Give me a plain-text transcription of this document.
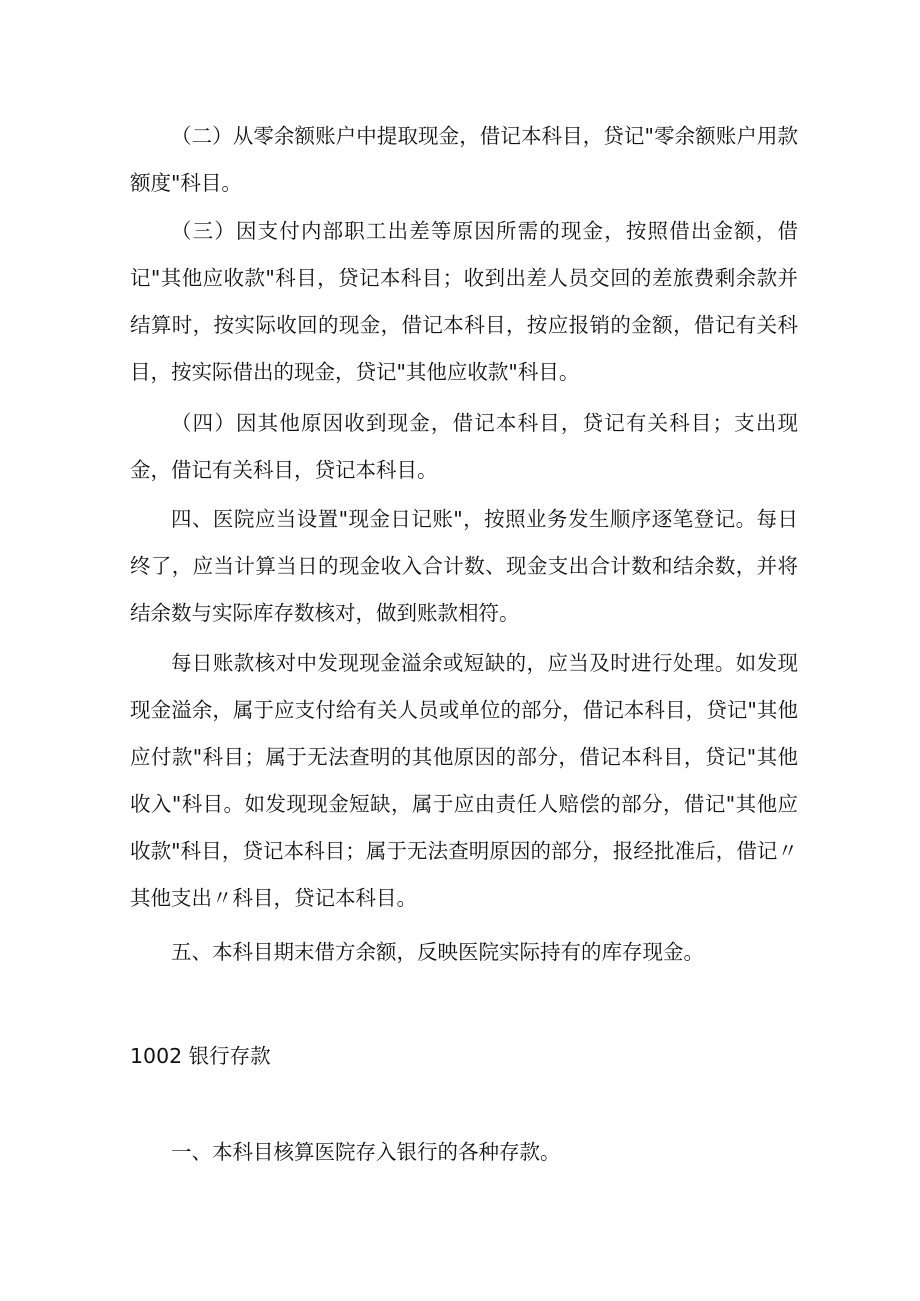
（二）从零余额账户中提取现金，借记本科目，贷记"零余额账户用款额度"科目。

（三）因支付内部职工出差等原因所需的现金，按照借出金额，借记"其他应收款"科目，贷记本科目；收到出差人员交回的差旅费剩余款并结算时，按实际收回的现金，借记本科目，按应报销的金额，借记有关科目，按实际借出的现金，贷记"其他应收款"科目。

（四）因其他原因收到现金，借记本科目，贷记有关科目；支出现金，借记有关科目，贷记本科目。

四、医院应当设置"现金日记账"，按照业务发生顺序逐笔登记。每日终了，应当计算当日的现金收入合计数、现金支出合计数和结余数，并将结余数与实际库存数核对，做到账款相符。

每日账款核对中发现现金溢余或短缺的，应当及时进行处理。如发现现金溢余，属于应支付给有关人员或单位的部分，借记本科目，贷记"其他应付款"科目；属于无法查明的其他原因的部分，借记本科目，贷记"其他收入"科目。如发现现金短缺，属于应由责任人赔偿的部分，借记"其他应收款"科目，贷记本科目；属于无法查明原因的部分，报经批准后，借记〃其他支出〃科目，贷记本科目。

五、本科目期末借方余额，反映医院实际持有的库存现金。

1002 银行存款

一、本科目核算医院存入银行的各种存款。
